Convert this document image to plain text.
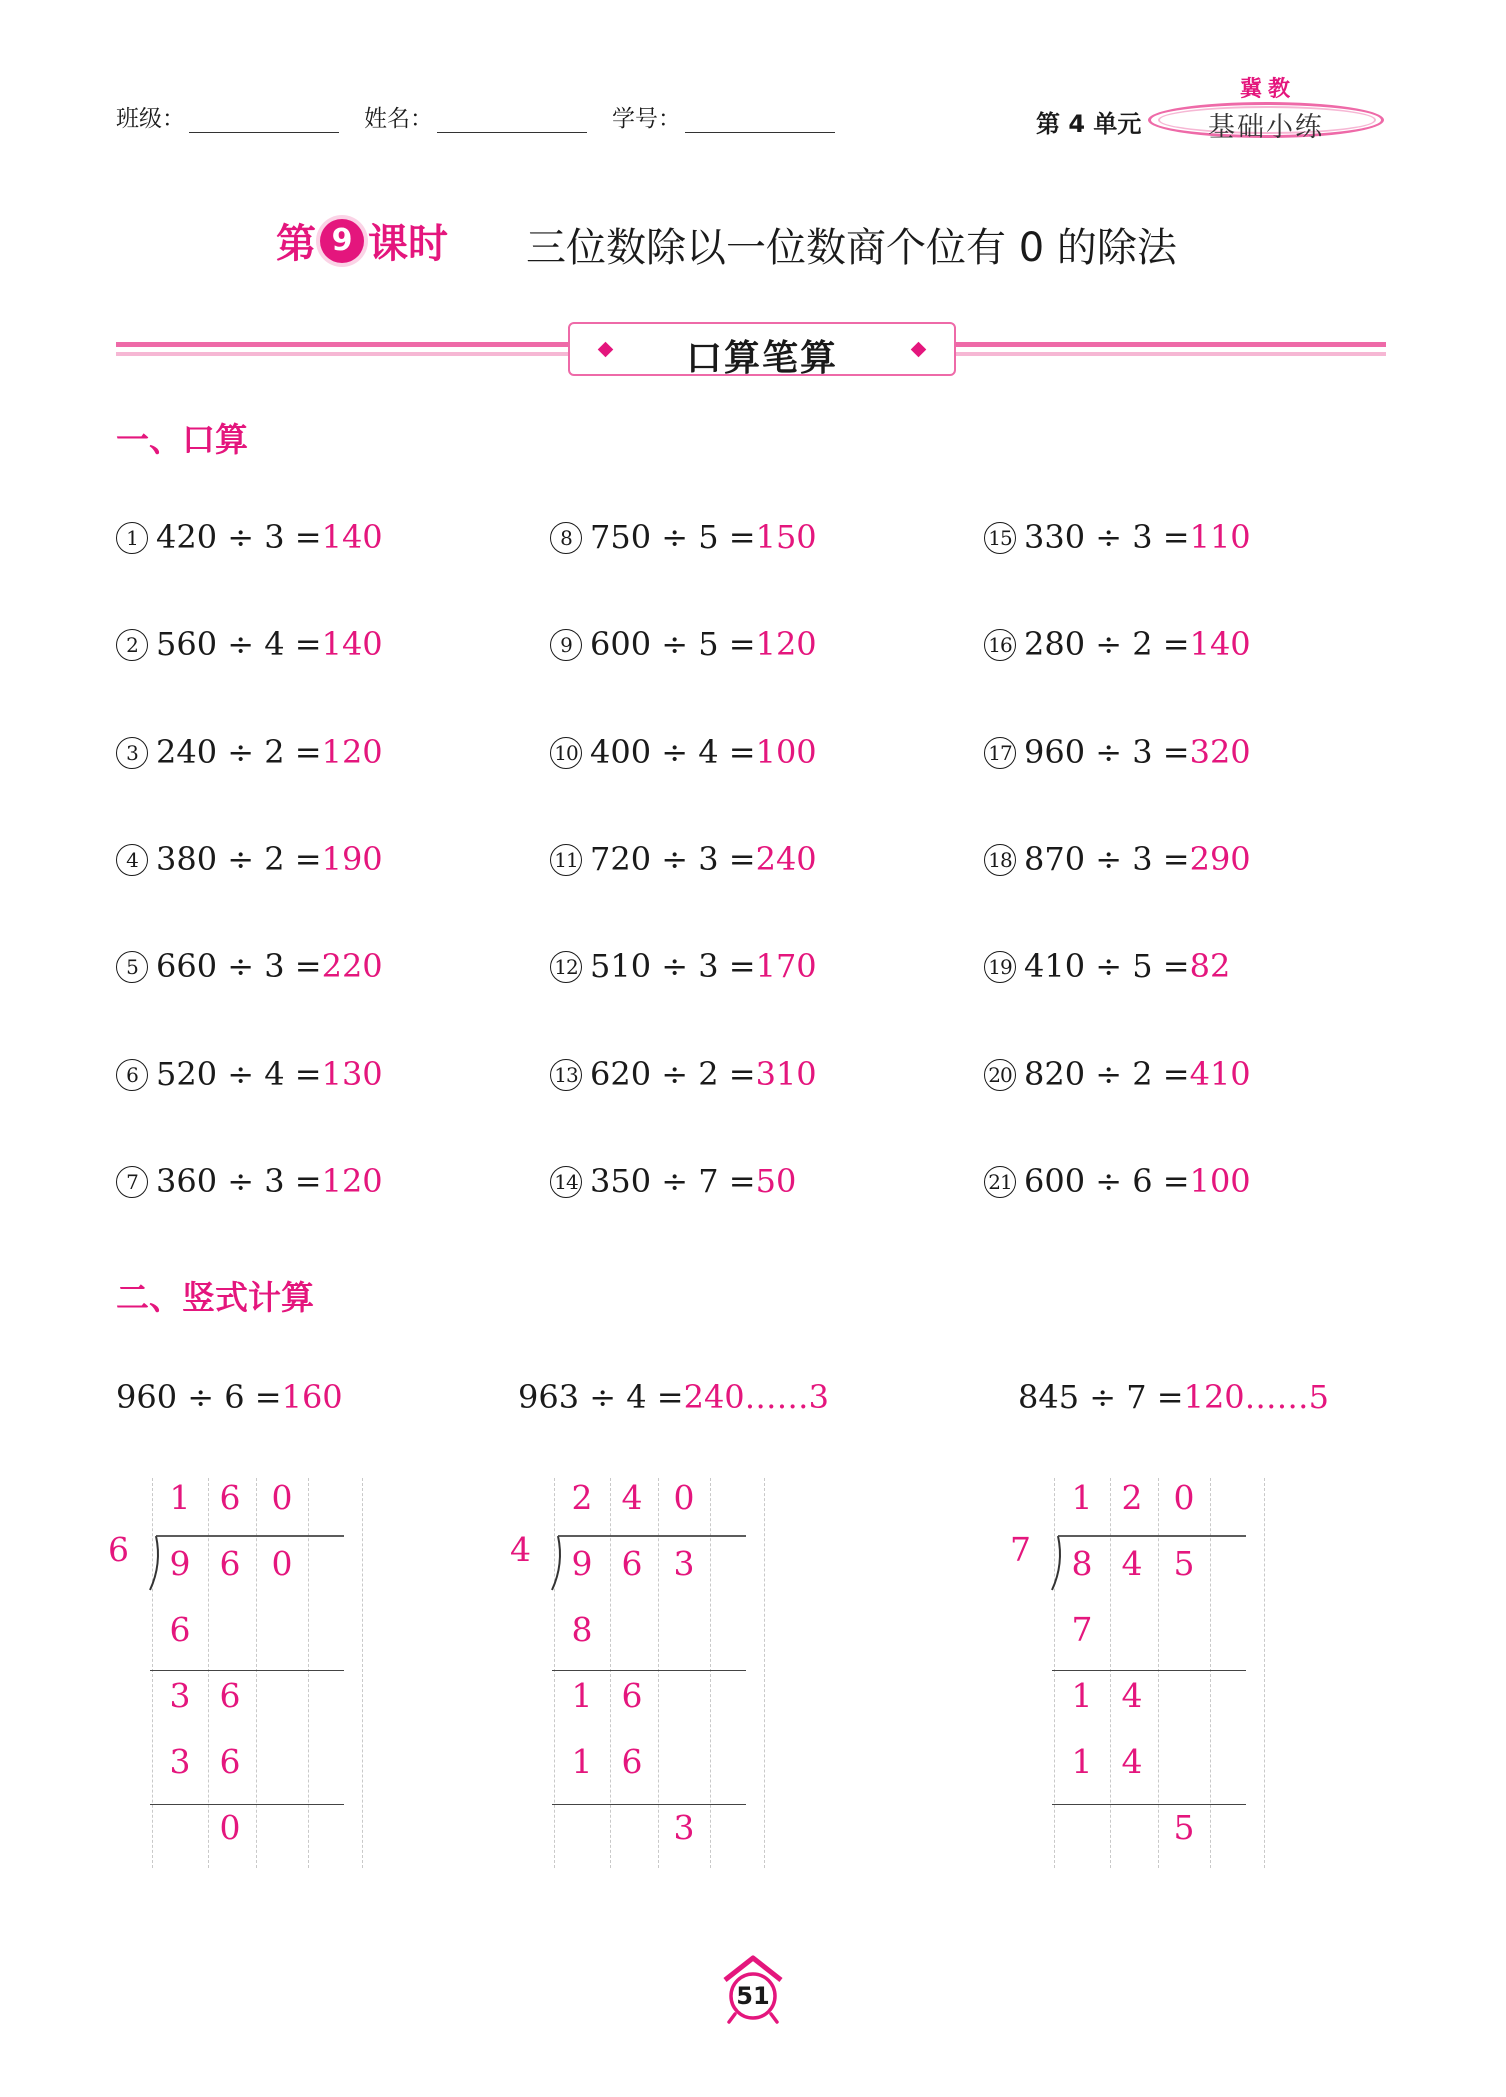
班级：	姓名：	学号：	第 4 单元
冀教
基础小练
第 9 课时 三位数除以一位数商个位有 0 的除法
口算笔算
一、口算
1 420 ÷ 3 =140
2 560 ÷ 4 =140
3 240 ÷ 2 =120
4 380 ÷ 2 =190
5 660 ÷ 3 =220
6 520 ÷ 4 =130
7 360 ÷ 3 =120
8 750 ÷ 5 =150
9 600 ÷ 5 =120
10 400 ÷ 4 =100
11 720 ÷ 3 =240
12 510 ÷ 3 =170
13 620 ÷ 2 =310
14 350 ÷ 7 =50
15 330 ÷ 3 =110
16 280 ÷ 2 =140
17 960 ÷ 3 =320
18 870 ÷ 3 =290
19 410 ÷ 5 =82
20 820 ÷ 2 =410
21 600 ÷ 6 =100
二、竖式计算
960 ÷ 6 =160
6
1 6 0
9 6 0
6
3 6
3 6
0
963 ÷ 4 =240……3
4
2 4 0
9 6 3
8
1 6
1 6
3
845 ÷ 7 =120……5
7
1 2 0
8 4 5
7
1 4
1 4
5
51
